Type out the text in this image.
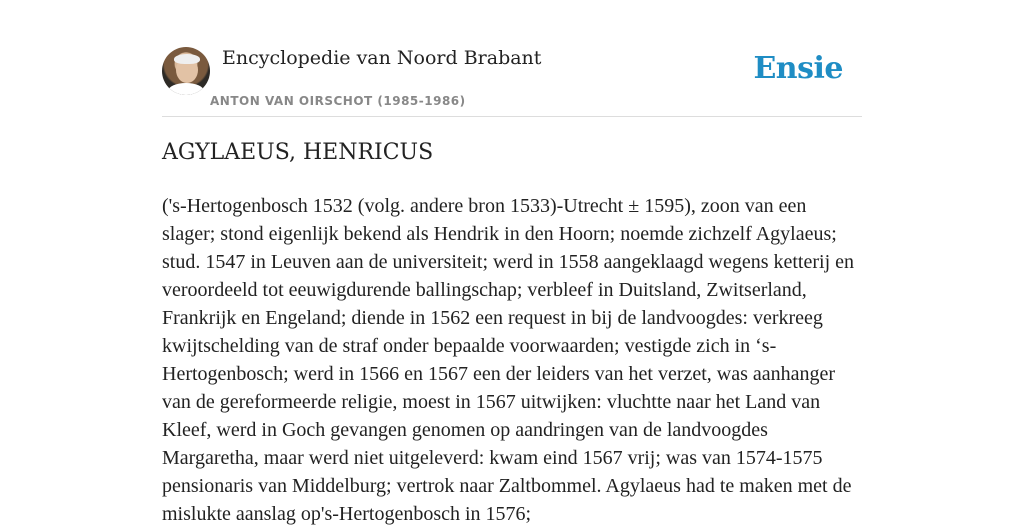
Encyclopedie van Noord Brabant
ANTON VAN OIRSCHOT (1985-1986)
Ensie
AGYLAEUS, HENRICUS

('s-Hertogenbosch 1532 (volg. andere bron 1533)-Utrecht ± 1595), zoon van een slager; stond eigenlijk bekend als Hendrik in den Hoorn; noemde zichzelf Agylaeus; stud. 1547 in Leuven aan de universiteit; werd in 1558 aangeklaagd wegens ketterij en veroordeeld tot eeuwigdurende ballingschap; verbleef in Duitsland, Zwitserland, Frankrijk en Engeland; diende in 1562 een request in bij de landvoogdes: verkreeg kwijtschelding van de straf onder bepaalde voorwaarden; vestigde zich in ‘s-Hertogenbosch; werd in 1566 en 1567 een der leiders van het verzet, was aanhanger van de gereformeerde religie, moest in 1567 uitwijken: vluchtte naar het Land van Kleef, werd in Goch gevangen genomen op aandringen van de landvoogdes Margaretha, maar werd niet uitgeleverd: kwam eind 1567 vrij; was van 1574-1575 pensionaris van Middelburg; vertrok naar Zaltbommel. Agylaeus had te maken met de mislukte aanslag op's-Hertogenbosch in 1576;
